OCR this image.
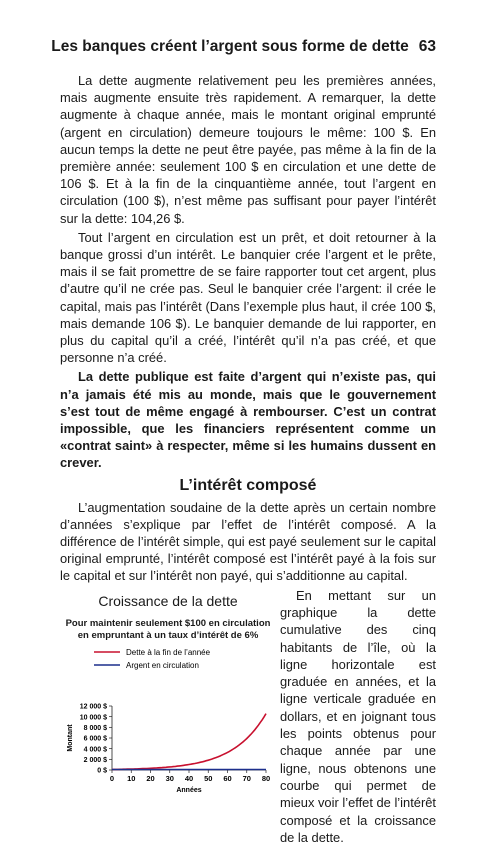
Les banques créent l’argent sous forme de dette 63

La dette augmente relativement peu les premières années, mais augmente ensuite très rapidement. A remarquer, la dette augmente à chaque année, mais le montant original emprunté (argent en circulation) demeure toujours le même: 100 $. En aucun temps la dette ne peut être payée, pas même à la fin de la première année: seulement 100 $ en circulation et une dette de 106 $. Et à la fin de la cinquantième année, tout l’argent en circulation (100 $), n’est même pas suffisant pour payer l’intérêt sur la dette: 104,26 $.

Tout l’argent en circulation est un prêt, et doit retourner à la banque grossi d’un intérêt. Le banquier crée l’argent et le prête, mais il se fait promettre de se faire rapporter tout cet argent, plus d’autre qu’il ne crée pas. Seul le banquier crée l’argent: il crée le capital, mais pas l’intérêt (Dans l’exemple plus haut, il crée 100 $, mais demande 106 $). Le banquier demande de lui rapporter, en plus du capital qu’il a créé, l’intérêt qu’il n’a pas créé, et que personne n’a créé.

La dette publique est faite d’argent qui n’existe pas, qui n’a jamais été mis au monde, mais que le gouvernement s’est tout de même engagé à rembourser. C’est un contrat impossible, que les financiers représentent comme un «contrat saint» à respecter, même si les humains dussent en crever.

L’intérêt composé

L’augmentation soudaine de la dette après un certain nombre d’années s’explique par l’effet de l’intérêt composé. A la différence de l’intérêt simple, qui est payé seulement sur le capital original emprunté, l’intérêt composé est l’intérêt payé à la fois sur le capital et sur l’intérêt non payé, qui s’additionne au capital.

Croissance de la dette
Pour maintenir seulement $100 en circulation en empruntant à un taux d’intérêt de 6%
Dette à la fin de l’année
Argent en circulation
0 $
2 000 $
4 000 $
6 000 $
8 000 $
10 000 $
12 000 $
0 10 20 30 40 50 60 70 80
Années
Montant
En mettant sur un graphique la dette cumulative des cinq habitants de l’île, où la ligne horizontale est graduée en années, et la ligne verticale graduée en dollars, et en joignant tous les points obtenus pour chaque année par une ligne, nous obtenons une courbe qui permet de mieux voir l’effet de l’intérêt composé et la croissance de la dette.
